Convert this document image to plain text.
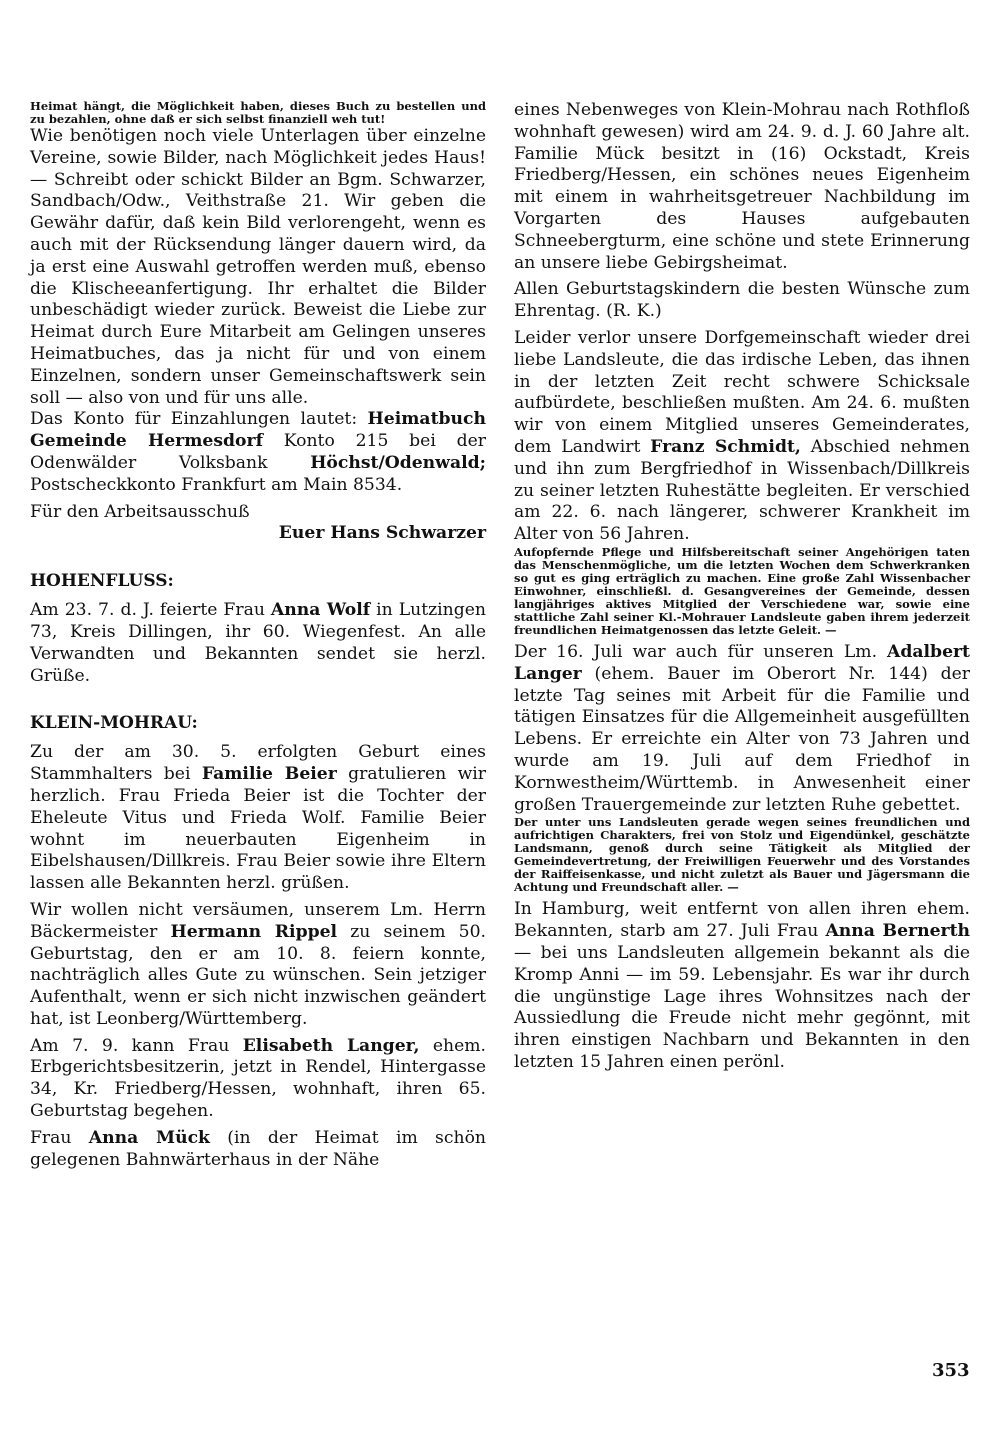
Heimat hängt, die Möglichkeit haben, dieses Buch zu bestellen und zu bezahlen, ohne daß er sich selbst finanziell weh tut!

Wie benötigen noch viele Unterlagen über einzelne Vereine, sowie Bilder, nach Möglichkeit jedes Haus! — Schreibt oder schickt Bilder an Bgm. Schwarzer, Sandbach/Odw., Veithstraße 21. Wir geben die Gewähr dafür, daß kein Bild verlorengeht, wenn es auch mit der Rücksendung länger dauern wird, da ja erst eine Auswahl getroffen werden muß, ebenso die Klischeeanfertigung. Ihr erhaltet die Bilder unbeschädigt wieder zurück. Beweist die Liebe zur Heimat durch Eure Mitarbeit am Gelingen unseres Heimatbuches, das ja nicht für und von einem Einzelnen, sondern unser Gemeinschaftswerk sein soll — also von und für uns alle.

Das Konto für Einzahlungen lautet: Heimatbuch Gemeinde Hermesdorf Konto 215 bei der Odenwälder Volksbank Höchst/Odenwald; Postscheckkonto Frankfurt am Main 8534.

Für den Arbeitsausschuß

Euer Hans Schwarzer

HOHENFLUSS:

Am 23. 7. d. J. feierte Frau Anna Wolf in Lutzingen 73, Kreis Dillingen, ihr 60. Wiegenfest. An alle Verwandten und Bekannten sendet sie herzl. Grüße.

KLEIN-MOHRAU:

Zu der am 30. 5. erfolgten Geburt eines Stammhalters bei Familie Beier gratulieren wir herzlich. Frau Frieda Beier ist die Tochter der Eheleute Vitus und Frieda Wolf. Familie Beier wohnt im neuerbauten Eigenheim in Eibelshausen/Dillkreis. Frau Beier sowie ihre Eltern lassen alle Bekannten herzl. grüßen.

Wir wollen nicht versäumen, unserem Lm. Herrn Bäckermeister Hermann Rippel zu seinem 50. Geburtstag, den er am 10. 8. feiern konnte, nachträglich alles Gute zu wünschen. Sein jetziger Aufenthalt, wenn er sich nicht inzwischen geändert hat, ist Leonberg/Württemberg.

Am 7. 9. kann Frau Elisabeth Langer, ehem. Erbgerichtsbesitzerin, jetzt in Rendel, Hintergasse 34, Kr. Friedberg/Hessen, wohnhaft, ihren 65. Geburtstag begehen.

Frau Anna Mück (in der Heimat im schön gelegenen Bahnwärterhaus in der Nähe

eines Nebenweges von Klein-Mohrau nach Rothfloß wohnhaft gewesen) wird am 24. 9. d. J. 60 Jahre alt. Familie Mück besitzt in (16) Ockstadt, Kreis Friedberg/Hessen, ein schönes neues Eigenheim mit einem in wahrheitsgetreuer Nachbildung im Vorgarten des Hauses aufgebauten Schneebergturm, eine schöne und stete Erinnerung an unsere liebe Gebirgsheimat.

Allen Geburtstagskindern die besten Wünsche zum Ehrentag. (R. K.)

Leider verlor unsere Dorfgemeinschaft wieder drei liebe Landsleute, die das irdische Leben, das ihnen in der letzten Zeit recht schwere Schicksale aufbürdete, beschließen mußten. Am 24. 6. mußten wir von einem Mitglied unseres Gemeinderates, dem Landwirt Franz Schmidt, Abschied nehmen und ihn zum Bergfriedhof in Wissenbach/Dillkreis zu seiner letzten Ruhestätte begleiten. Er verschied am 22. 6. nach längerer, schwerer Krankheit im Alter von 56 Jahren.

Aufopfernde Pflege und Hilfsbereitschaft seiner Angehörigen taten das Menschenmögliche, um die letzten Wochen dem Schwerkranken so gut es ging erträglich zu machen. Eine große Zahl Wissenbacher Einwohner, einschließl. d. Gesangvereines der Gemeinde, dessen langjähriges aktives Mitglied der Verschiedene war, sowie eine stattliche Zahl seiner Kl.-Mohrauer Landsleute gaben ihrem jederzeit freundlichen Heimatgenossen das letzte Geleit. —

Der 16. Juli war auch für unseren Lm. Adalbert Langer (ehem. Bauer im Oberort Nr. 144) der letzte Tag seines mit Arbeit für die Familie und tätigen Einsatzes für die Allgemeinheit ausgefüllten Lebens. Er erreichte ein Alter von 73 Jahren und wurde am 19. Juli auf dem Friedhof in Kornwestheim/Württemb. in Anwesenheit einer großen Trauergemeinde zur letzten Ruhe gebettet.

Der unter uns Landsleuten gerade wegen seines freundlichen und aufrichtigen Charakters, frei von Stolz und Eigendünkel, geschätzte Landsmann, genoß durch seine Tätigkeit als Mitglied der Gemeindevertretung, der Freiwilligen Feuerwehr und des Vorstandes der Raiffeisenkasse, und nicht zuletzt als Bauer und Jägersmann die Achtung und Freundschaft aller. —

In Hamburg, weit entfernt von allen ihren ehem. Bekannten, starb am 27. Juli Frau Anna Bernerth — bei uns Landsleuten allgemein bekannt als die Kromp Anni — im 59. Lebensjahr. Es war ihr durch die ungünstige Lage ihres Wohnsitzes nach der Aussiedlung die Freude nicht mehr gegönnt, mit ihren einstigen Nachbarn und Bekannten in den letzten 15 Jahren einen perönl.

353
